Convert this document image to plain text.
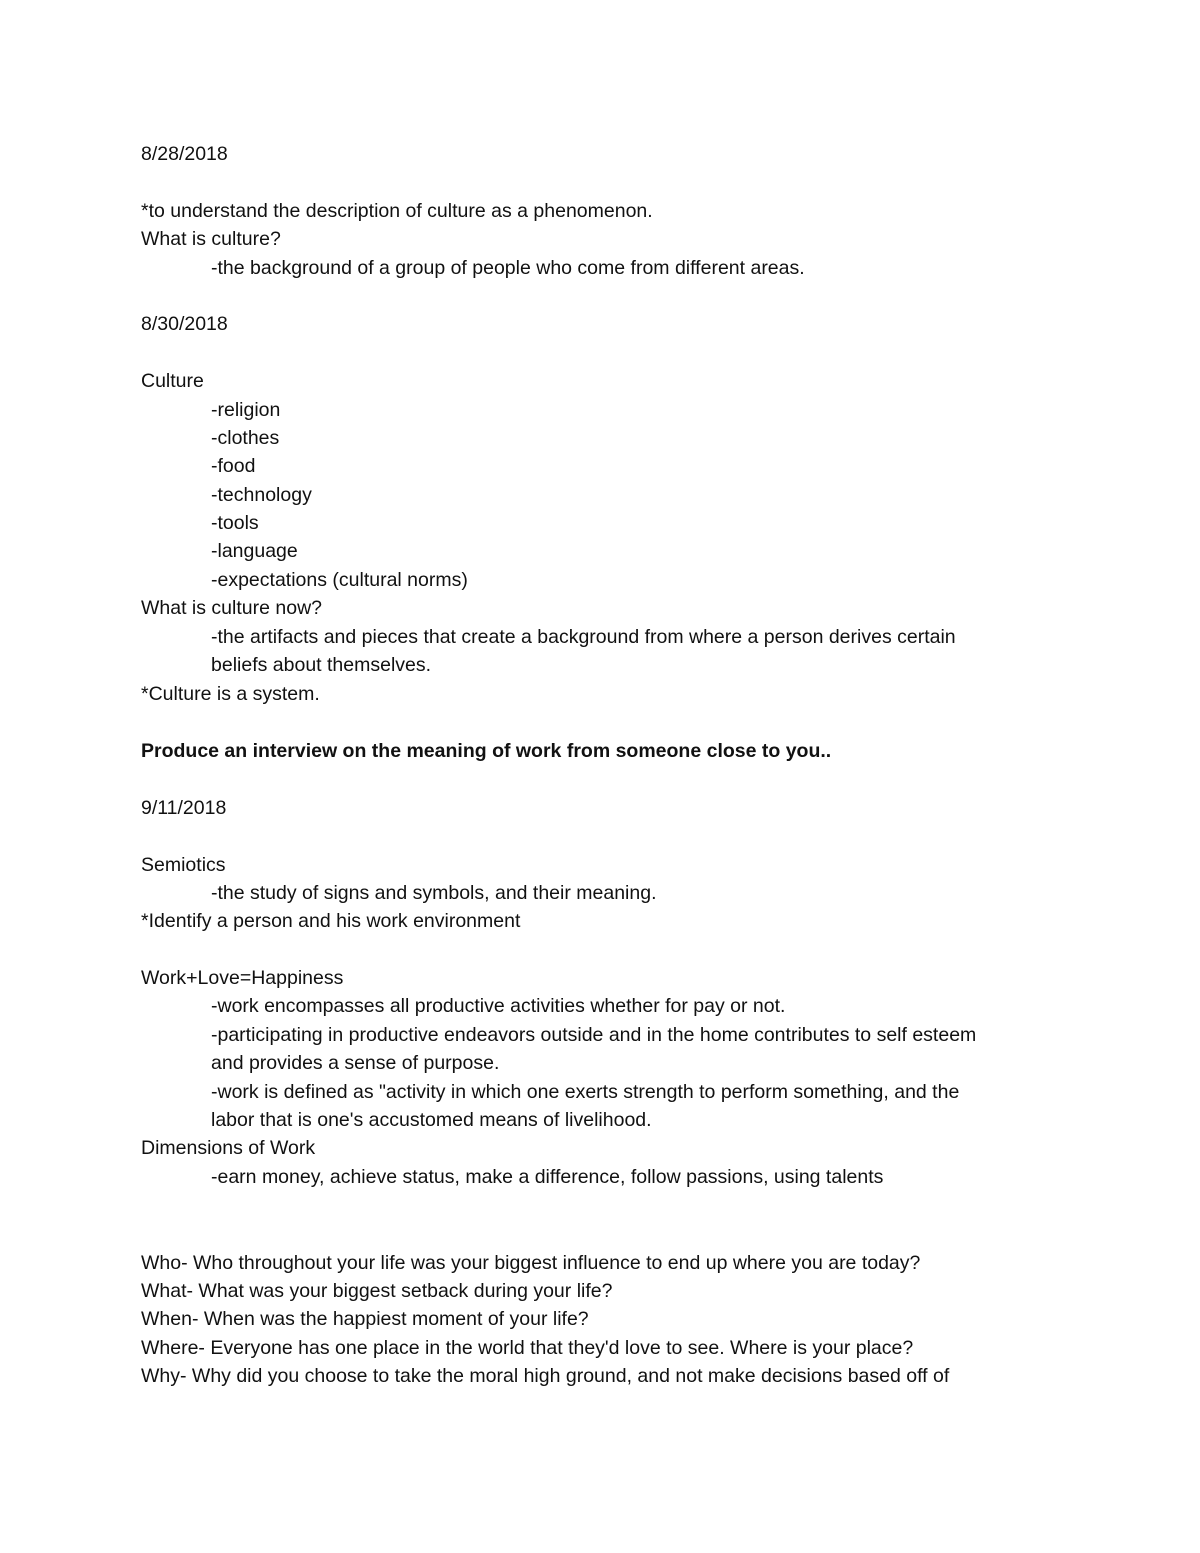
8/28/2018
*to understand the description of culture as a phenomenon.
What is culture?
-the background of a group of people who come from different areas.
8/30/2018
Culture
-religion
-clothes
-food
-technology
-tools
-language
-expectations (cultural norms)
What is culture now?
-the artifacts and pieces that create a background from where a person derives certain
beliefs about themselves.
*Culture is a system.
Produce an interview on the meaning of work from someone close to you..
9/11/2018
Semiotics
-the study of signs and symbols, and their meaning.
*Identify a person and his work environment
Work+Love=Happiness
-work encompasses all productive activities whether for pay or not.
-participating in productive endeavors outside and in the home contributes to self esteem
and provides a sense of purpose.
-work is defined as "activity in which one exerts strength to perform something, and the
labor that is one's accustomed means of livelihood.
Dimensions of Work
-earn money, achieve status, make a difference, follow passions, using talents
Who- Who throughout your life was your biggest influence to end up where you are today?
What- What was your biggest setback during your life?
When- When was the happiest moment of your life?
Where- Everyone has one place in the world that they'd love to see. Where is your place?
Why- Why did you choose to take the moral high ground, and not make decisions based off of
